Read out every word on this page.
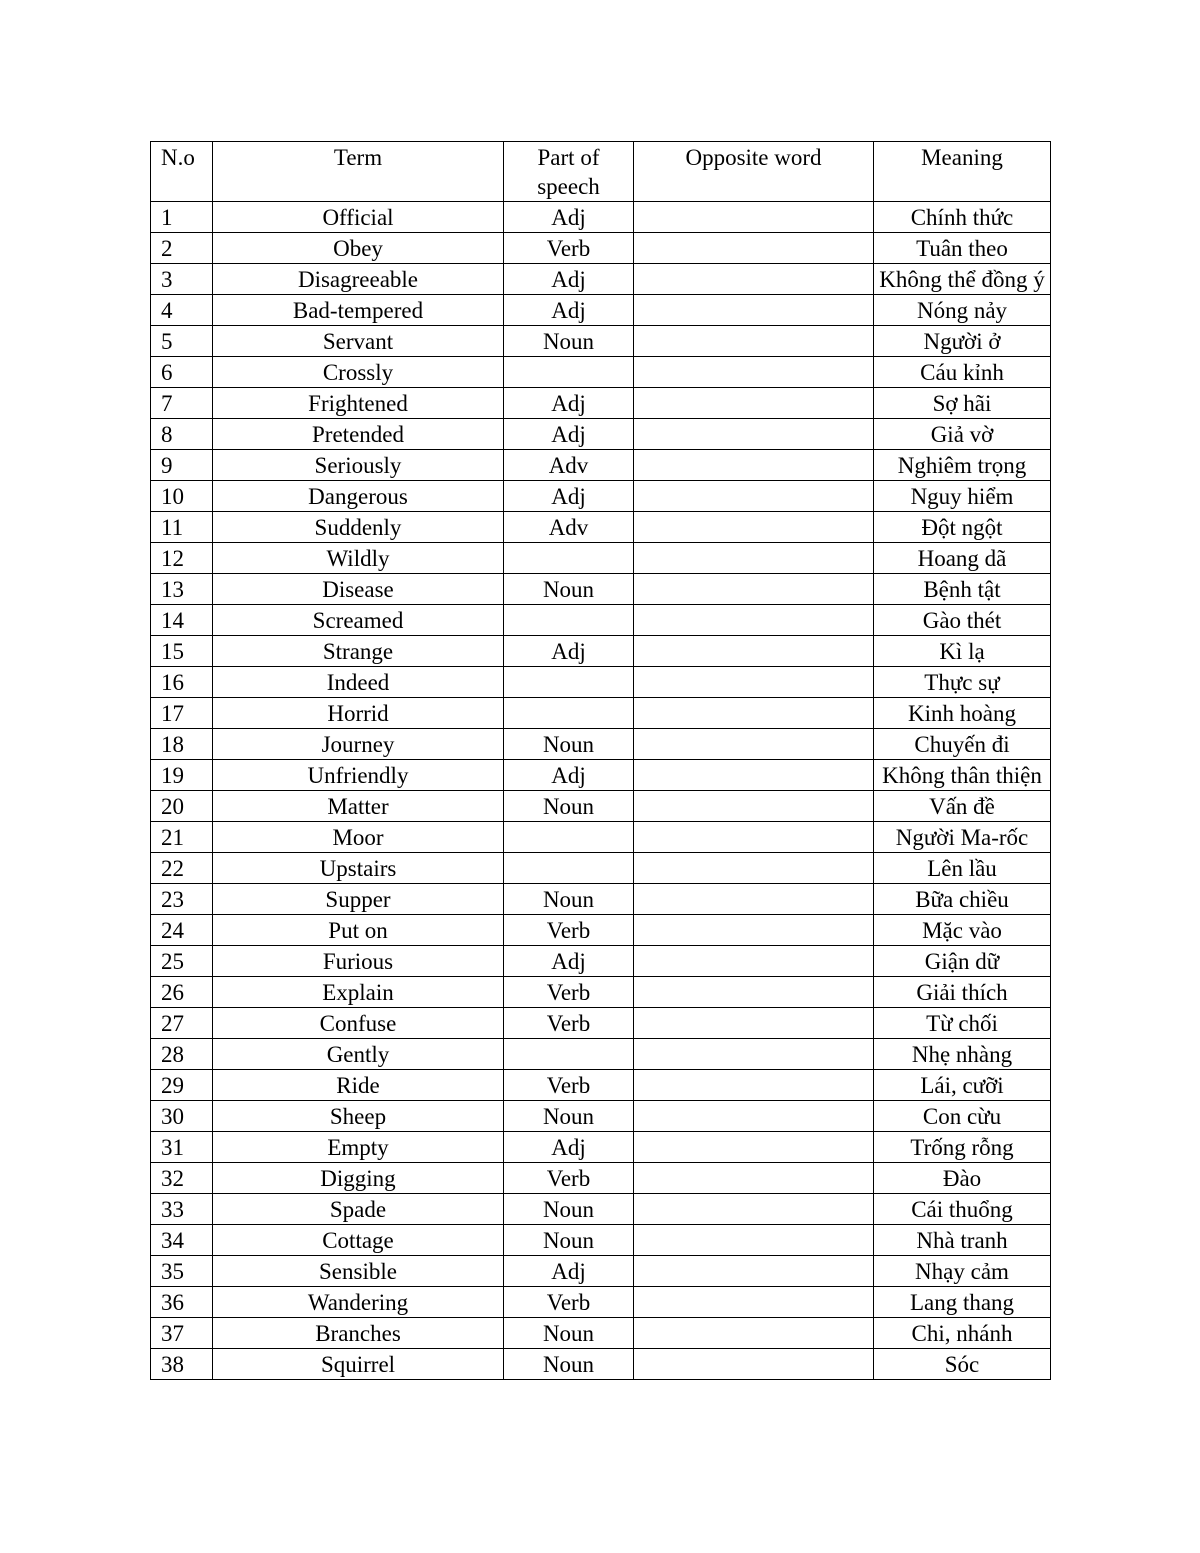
N.o	Term	Part of speech	Opposite word	Meaning
1	Official	Adj		Chính thức
2	Obey	Verb		Tuân theo
3	Disagreeable	Adj		Không thể đồng ý
4	Bad-tempered	Adj		Nóng nảy
5	Servant	Noun		Người ở
6	Crossly			Cáu kỉnh
7	Frightened	Adj		Sợ hãi
8	Pretended	Adj		Giả vờ
9	Seriously	Adv		Nghiêm trọng
10	Dangerous	Adj		Nguy hiểm
11	Suddenly	Adv		Đột ngột
12	Wildly			Hoang dã
13	Disease	Noun		Bệnh tật
14	Screamed			Gào thét
15	Strange	Adj		Kì lạ
16	Indeed			Thực sự
17	Horrid			Kinh hoàng
18	Journey	Noun		Chuyến đi
19	Unfriendly	Adj		Không thân thiện
20	Matter	Noun		Vấn đề
21	Moor			Người Ma-rốc
22	Upstairs			Lên lầu
23	Supper	Noun		Bữa chiều
24	Put on	Verb		Mặc vào
25	Furious	Adj		Giận dữ
26	Explain	Verb		Giải thích
27	Confuse	Verb		Từ chối
28	Gently			Nhẹ nhàng
29	Ride	Verb		Lái, cưỡi
30	Sheep	Noun		Con cừu
31	Empty	Adj		Trống rỗng
32	Digging	Verb		Đào
33	Spade	Noun		Cái thuổng
34	Cottage	Noun		Nhà tranh
35	Sensible	Adj		Nhạy cảm
36	Wandering	Verb		Lang thang
37	Branches	Noun		Chi, nhánh
38	Squirrel	Noun		Sóc
